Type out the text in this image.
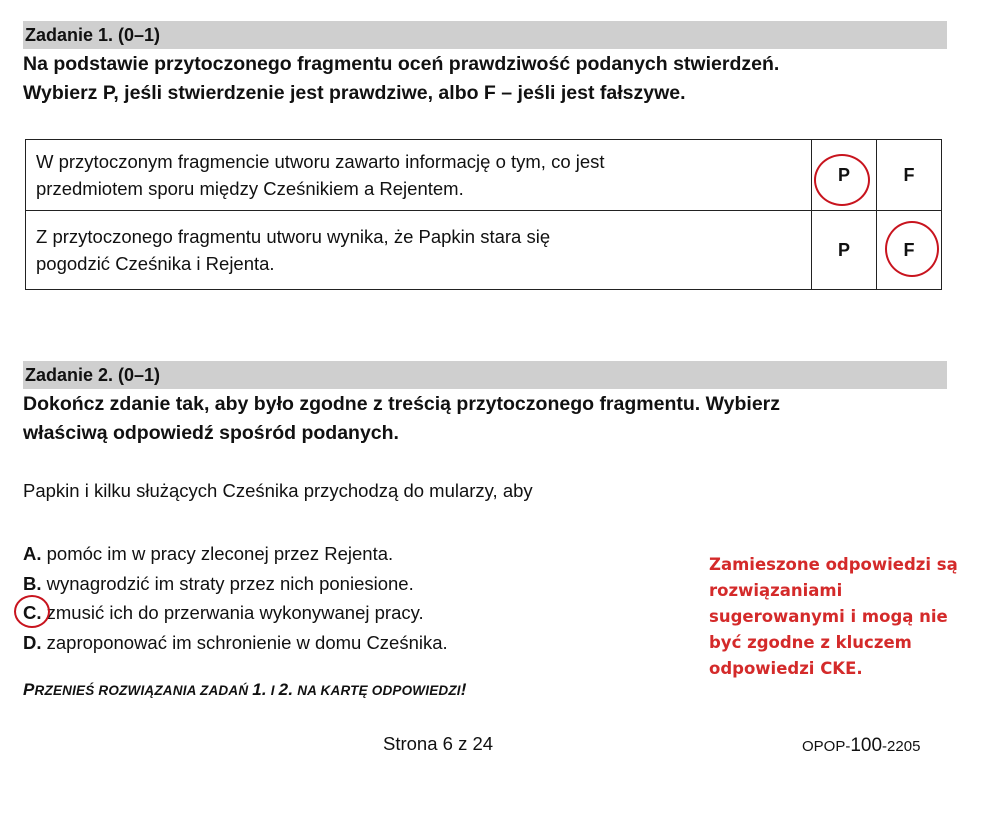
Zadanie 1. (0–1)
Na podstawie przytoczonego fragmentu oceń prawdziwość podanych stwierdzeń.
Wybierz P, jeśli stwierdzenie jest prawdziwe, albo F – jeśli jest fałszywe.
W przytoczonym fragmencie utworu zawarto informację o tym, co jest
przedmiotem sporu między Cześnikiem a Rejentem.	P	F

Z przytoczonego fragmentu utworu wynika, że Papkin stara się
pogodzić Cześnika i Rejenta.	P	F
Zadanie 2. (0–1)
Dokończ zdanie tak, aby było zgodne z treścią przytoczonego fragmentu. Wybierz
właściwą odpowiedź spośród podanych.
Papkin i kilku służących Cześnika przychodzą do mularzy, aby
A. pomóc im w pracy zleconej przez Rejenta.
B. wynagrodzić im straty przez nich poniesione.
C. zmusić ich do przerwania wykonywanej pracy.
D. zaproponować im schronienie w domu Cześnika.
PRZENIEŚ ROZWIĄZANIA ZADAŃ 1. I 2. NA KARTĘ ODPOWIEDZI!
Zamieszone odpowiedzi są
rozwiązaniami
sugerowanymi i mogą nie
być zgodne z kluczem
odpowiedzi CKE.
Strona 6 z 24	OPOP-100-2205
